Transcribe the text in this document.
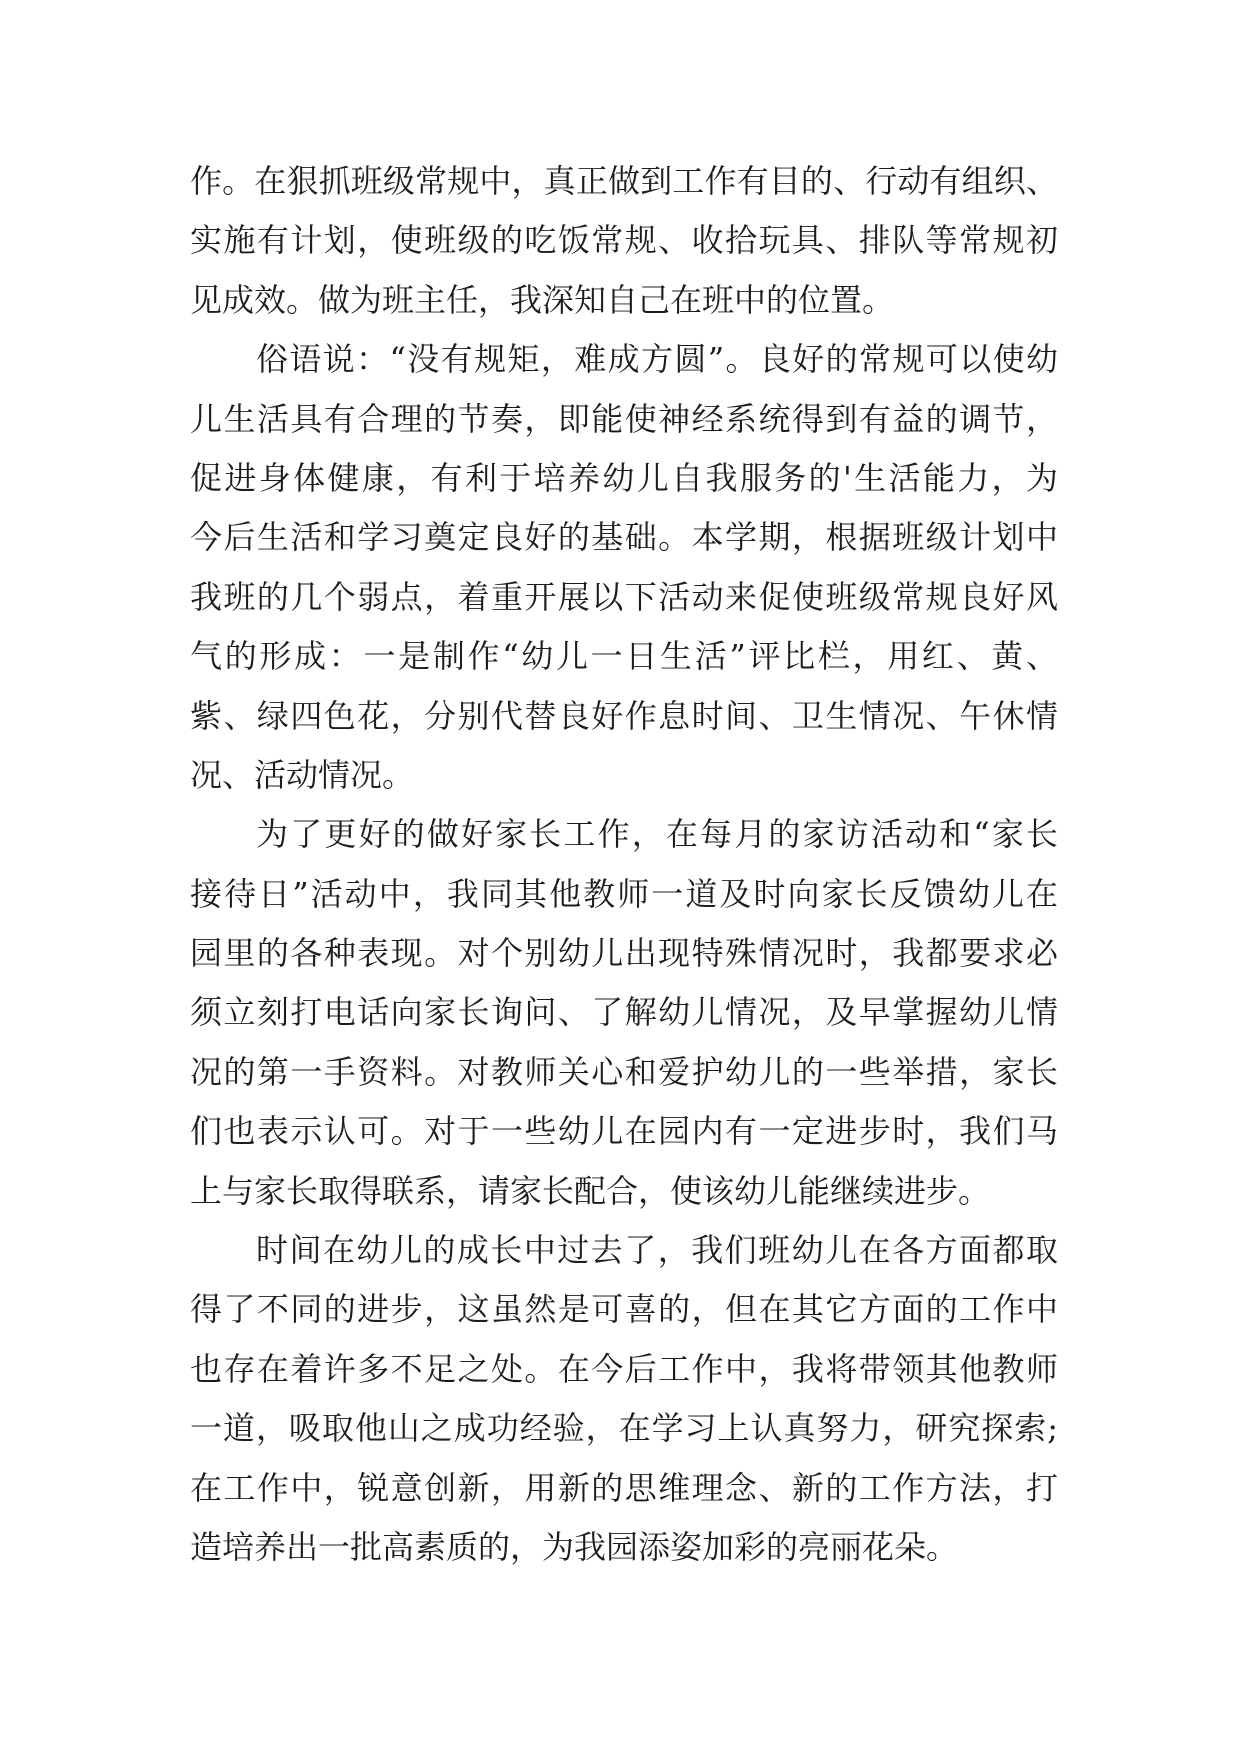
作。在狠抓班级常规中，真正做到工作有目的、行动有组织、
实施有计划，使班级的吃饭常规、收拾玩具、排队等常规初
见成效。做为班主任，我深知自己在班中的位置。
俗语说：“没有规矩，难成方圆”。良好的常规可以使幼
儿生活具有合理的节奏，即能使神经系统得到有益的调节，
促进身体健康，有利于培养幼儿自我服务的'生活能力，为
今后生活和学习奠定良好的基础。本学期，根据班级计划中
我班的几个弱点，着重开展以下活动来促使班级常规良好风
气的形成：一是制作“幼儿一日生活”评比栏，用红、黄、
紫、绿四色花，分别代替良好作息时间、卫生情况、午休情
况、活动情况。
为了更好的做好家长工作，在每月的家访活动和“家长
接待日”活动中，我同其他教师一道及时向家长反馈幼儿在
园里的各种表现。对个别幼儿出现特殊情况时，我都要求必
须立刻打电话向家长询问、了解幼儿情况，及早掌握幼儿情
况的第一手资料。对教师关心和爱护幼儿的一些举措，家长
们也表示认可。对于一些幼儿在园内有一定进步时，我们马
上与家长取得联系，请家长配合，使该幼儿能继续进步。
时间在幼儿的成长中过去了，我们班幼儿在各方面都取
得了不同的进步，这虽然是可喜的，但在其它方面的工作中
也存在着许多不足之处。在今后工作中，我将带领其他教师
一道，吸取他山之成功经验，在学习上认真努力，研究探索;
在工作中，锐意创新，用新的思维理念、新的工作方法，打
造培养出一批高素质的，为我园添姿加彩的亮丽花朵。
